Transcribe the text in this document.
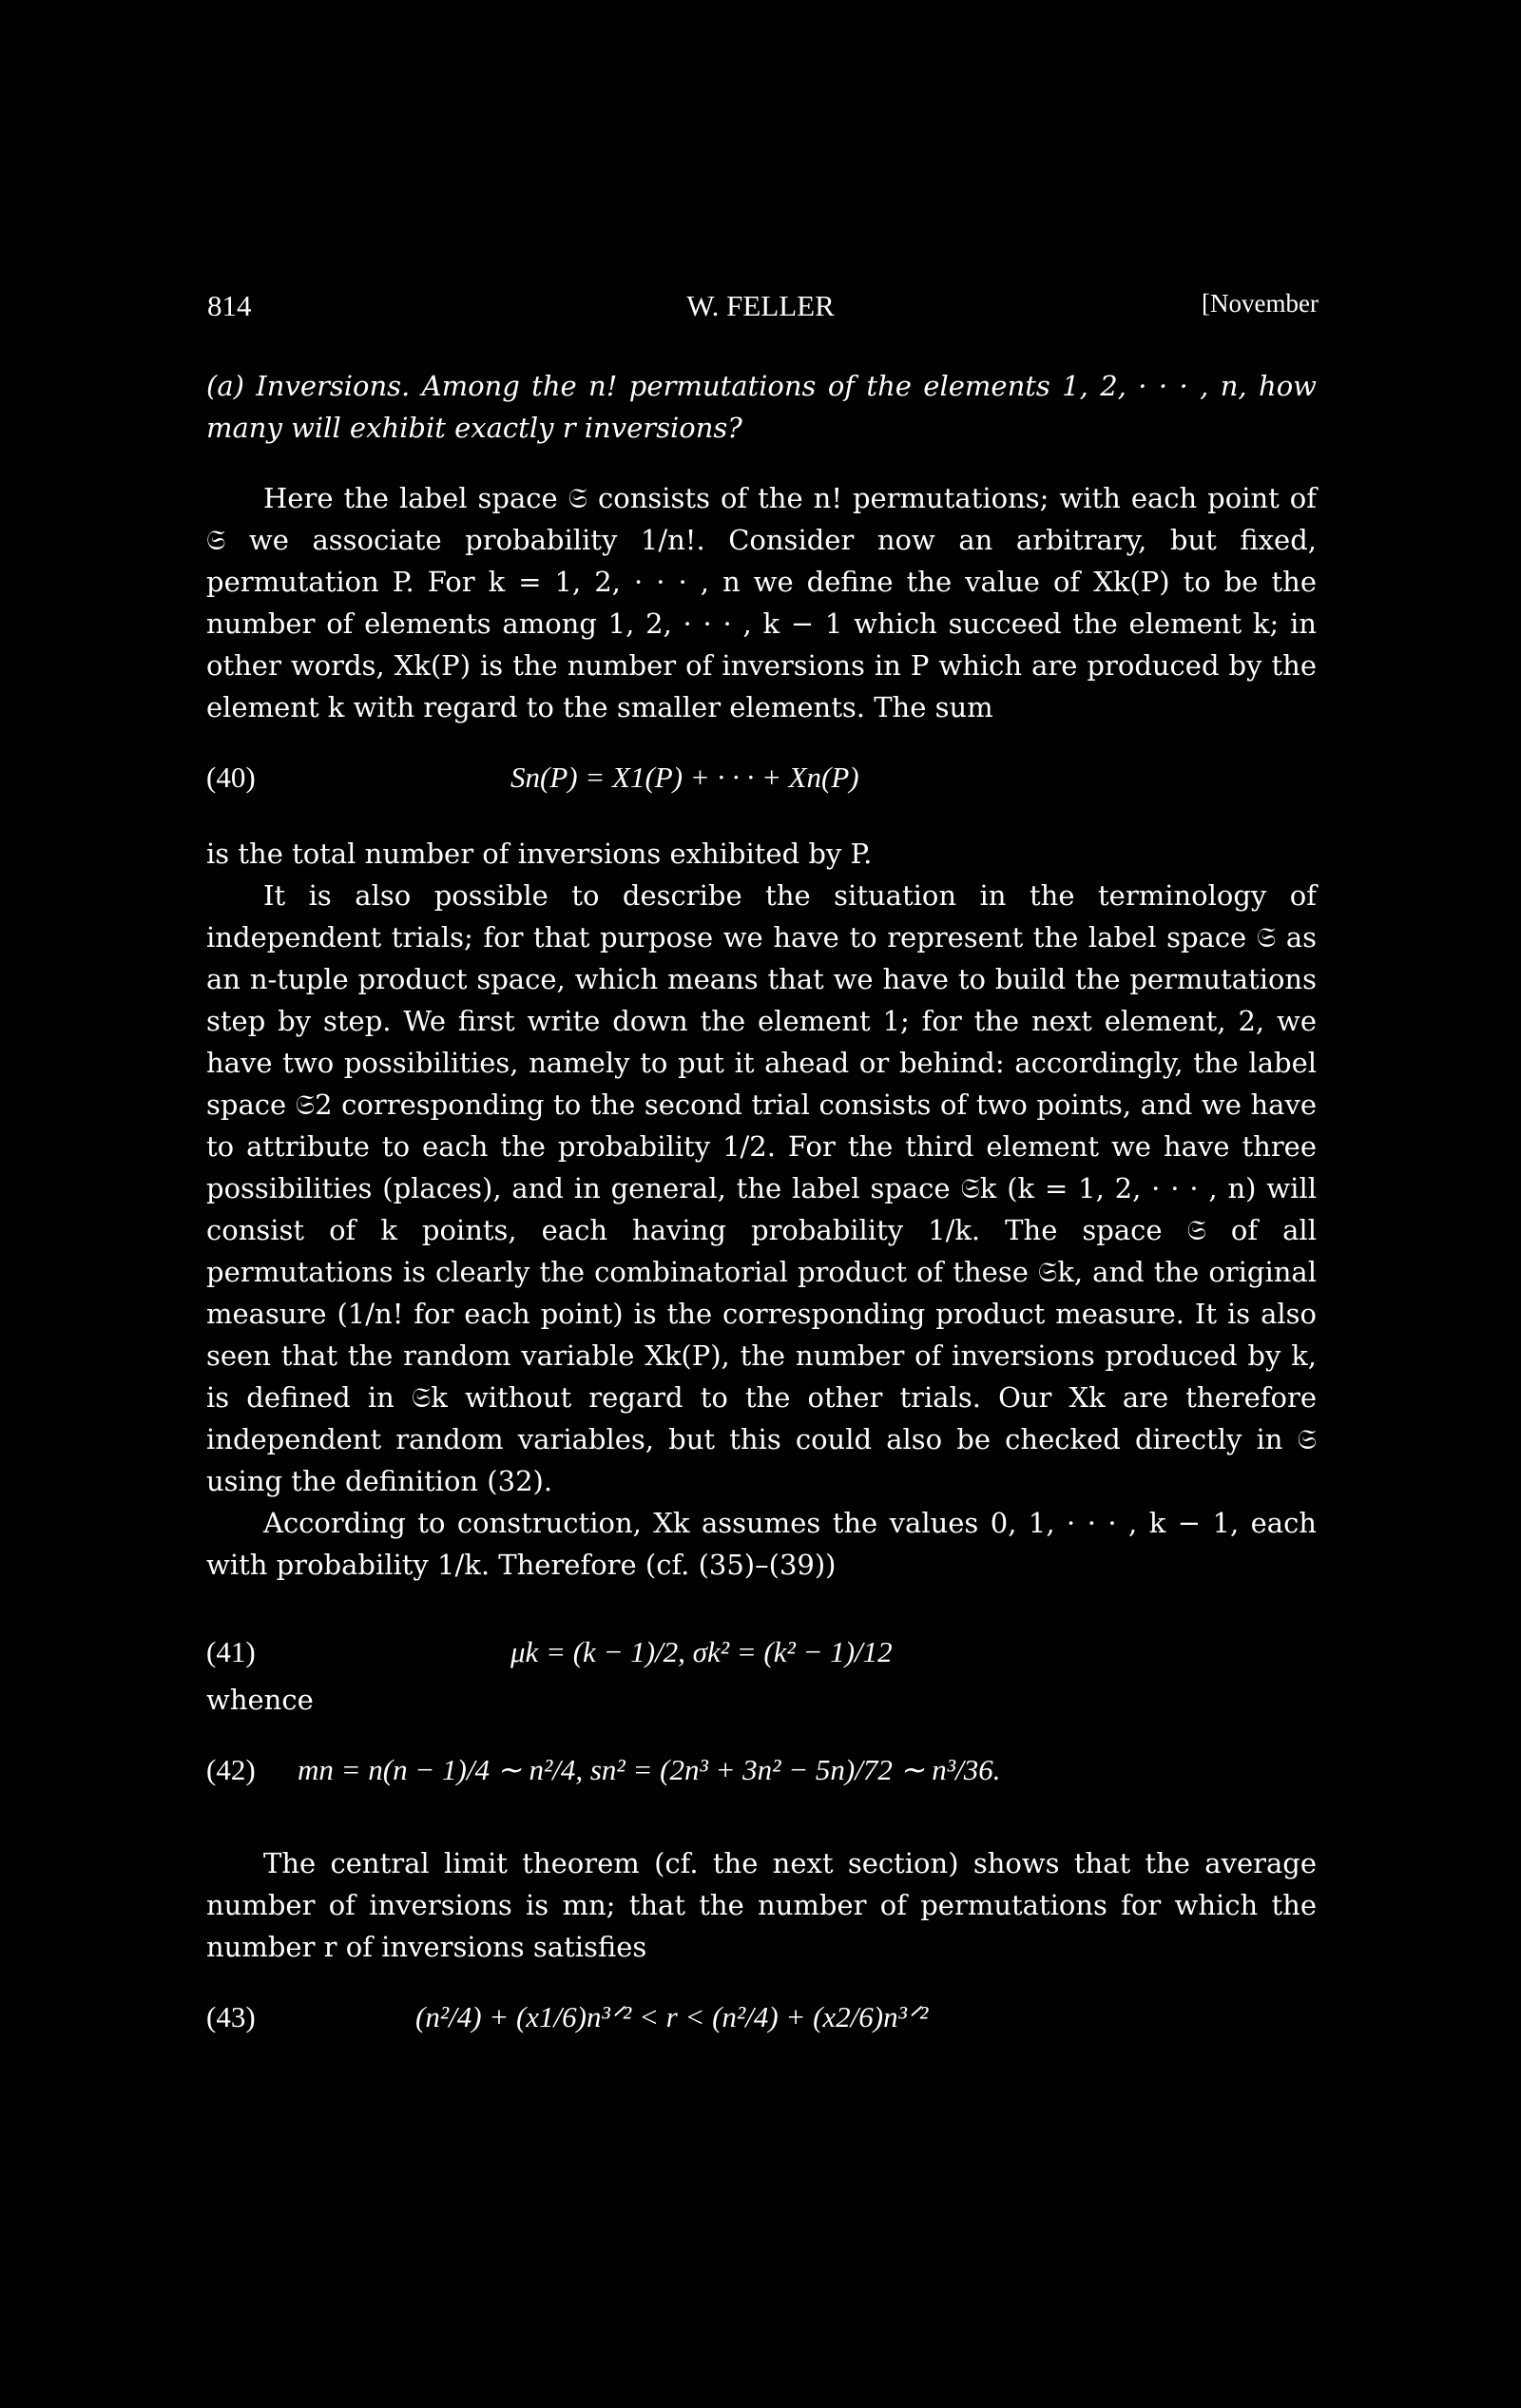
814	W. FELLER	[November

(a) Inversions. Among the n! permutations of the elements 1, 2, · · · , n, how many will exhibit exactly r inversions?

Here the label space 𝔖 consists of the n! permutations; with each point of 𝔖 we associate probability 1/n!. Consider now an arbitrary, but fixed, permutation P. For k = 1, 2, · · · , n we define the value of Xk(P) to be the number of elements among 1, 2, · · · , k − 1 which succeed the element k; in other words, Xk(P) is the number of inversions in P which are produced by the element k with regard to the smaller elements. The sum

(40)	Sn(P) = X1(P) + · · · + Xn(P)

is the total number of inversions exhibited by P.

It is also possible to describe the situation in the terminology of independent trials; for that purpose we have to represent the label space 𝔖 as an n-tuple product space, which means that we have to build the permutations step by step. We first write down the element 1; for the next element, 2, we have two possibilities, namely to put it ahead or behind: accordingly, the label space 𝔖2 corresponding to the second trial consists of two points, and we have to attribute to each the probability 1/2. For the third element we have three possibilities (places), and in general, the label space 𝔖k (k = 1, 2, · · · , n) will consist of k points, each having probability 1/k. The space 𝔖 of all permutations is clearly the combinatorial product of these 𝔖k, and the original measure (1/n! for each point) is the corresponding product measure. It is also seen that the random variable Xk(P), the number of inversions produced by k, is defined in 𝔖k without regard to the other trials. Our Xk are therefore independent random variables, but this could also be checked directly in 𝔖 using the definition (32).

According to construction, Xk assumes the values 0, 1, · · · , k − 1, each with probability 1/k. Therefore (cf. (35)–(39))

(41)	μk = (k − 1)/2, σk² = (k² − 1)/12

whence

(42)	mn = n(n − 1)/4 ∼ n²/4, sn² = (2n³ + 3n² − 5n)/72 ∼ n³/36.

The central limit theorem (cf. the next section) shows that the average number of inversions is mn; that the number of permutations for which the number r of inversions satisfies

(43)	(n²/4) + (x1/6)n³ᐟ² < r < (n²/4) + (x2/6)n³ᐟ²
